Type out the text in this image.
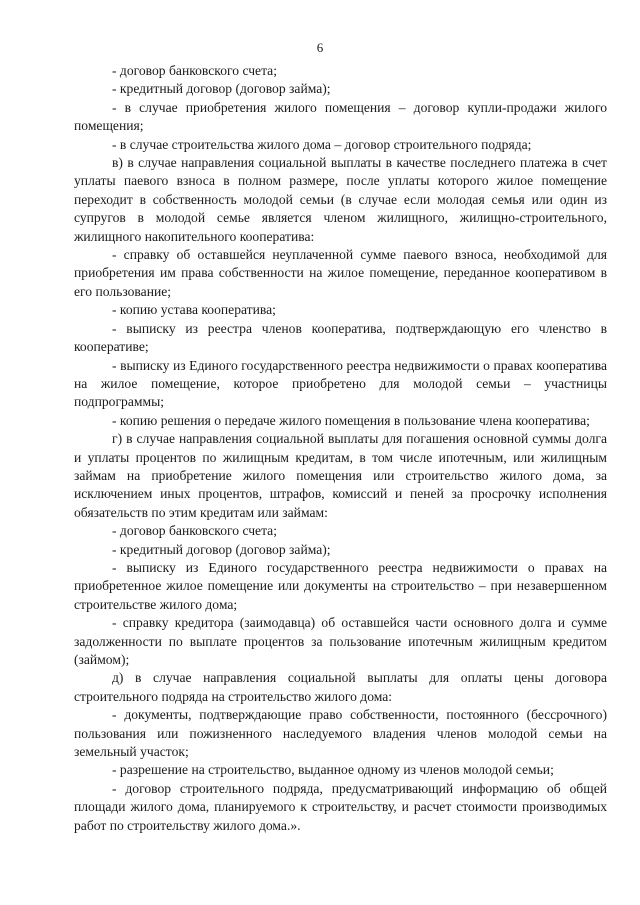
6

- договор банковского счета;

- кредитный договор (договор займа);

- в случае приобретения жилого помещения – договор купли-продажи жилого помещения;

- в случае строительства жилого дома – договор строительного подряда;

в) в случае направления социальной выплаты в качестве последнего платежа в счет уплаты паевого взноса в полном размере, после уплаты которого жилое помещение переходит в собственность молодой семьи (в случае если молодая семья или один из супругов в молодой семье является членом жилищного, жилищно-строительного, жилищного накопительного кооператива:

- справку об оставшейся неуплаченной сумме паевого взноса, необходимой для приобретения им права собственности на жилое помещение, переданное кооперативом в его пользование;

- копию устава кооператива;

- выписку из реестра членов кооператива, подтверждающую его членство в кооперативе;

- выписку из Единого государственного реестра недвижимости о правах кооператива на жилое помещение, которое приобретено для молодой семьи – участницы подпрограммы;

- копию решения о передаче жилого помещения в пользование члена кооператива;

г) в случае направления социальной выплаты для погашения основной суммы долга и уплаты процентов по жилищным кредитам, в том числе ипотечным, или жилищным займам на приобретение жилого помещения или строительство жилого дома, за исключением иных процентов, штрафов, комиссий и пеней за просрочку исполнения обязательств по этим кредитам или займам:

- договор банковского счета;

- кредитный договор (договор займа);

- выписку из Единого государственного реестра недвижимости о правах на приобретенное жилое помещение или документы на строительство – при незавершенном строительстве жилого дома;

- справку кредитора (заимодавца) об оставшейся части основного долга и сумме задолженности по выплате процентов за пользование ипотечным жилищным кредитом (займом);

д) в случае направления социальной выплаты для оплаты цены договора строительного подряда на строительство жилого дома:

- документы, подтверждающие право собственности, постоянного (бессрочного) пользования или пожизненного наследуемого владения членов молодой семьи на земельный участок;

- разрешение на строительство, выданное одному из членов молодой семьи;

- договор строительного подряда, предусматривающий информацию об общей площади жилого дома, планируемого к строительству, и расчет стоимости производимых работ по строительству жилого дома.».
